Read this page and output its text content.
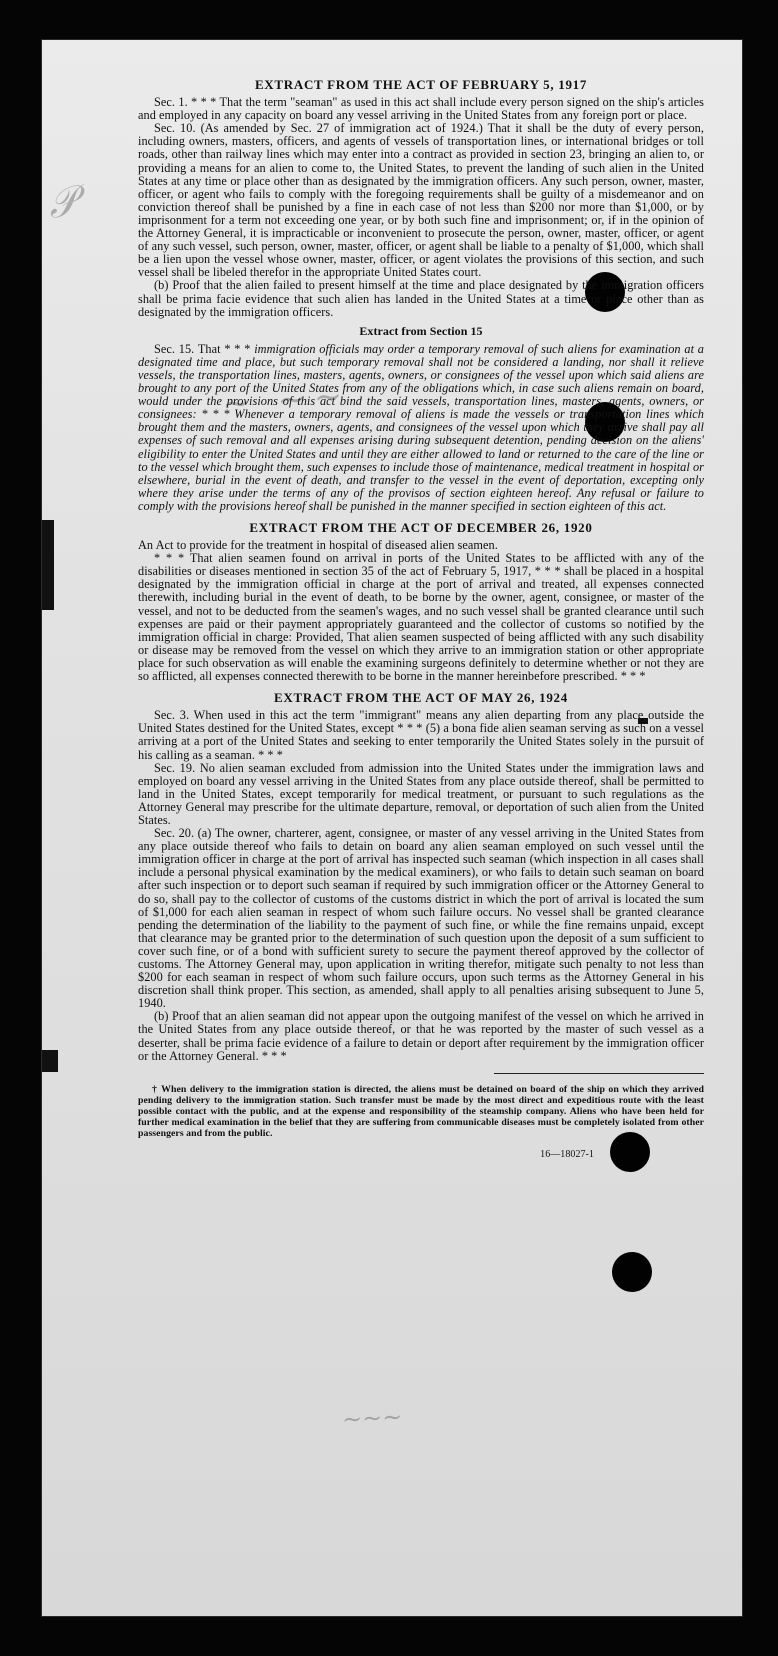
𝒫
~ ~~
~~~
EXTRACT FROM THE ACT OF FEBRUARY 5, 1917

Sec. 1. * * * That the term "seaman" as used in this act shall include every person signed on the ship's articles and employed in any capacity on board any vessel arriving in the United States from any foreign port or place.

Sec. 10. (As amended by Sec. 27 of immigration act of 1924.) That it shall be the duty of every person, including owners, masters, officers, and agents of vessels of transportation lines, or international bridges or toll roads, other than railway lines which may enter into a contract as provided in section 23, bringing an alien to, or providing a means for an alien to come to, the United States, to prevent the landing of such alien in the United States at any time or place other than as designated by the immigration officers. Any such person, owner, master, officer, or agent who fails to comply with the foregoing requirements shall be guilty of a misdemeanor and on conviction thereof shall be punished by a fine in each case of not less than $200 nor more than $1,000, or by imprisonment for a term not exceeding one year, or by both such fine and imprisonment; or, if in the opinion of the Attorney General, it is impracticable or inconvenient to prosecute the person, owner, master, officer, or agent of any such vessel, such person, owner, master, officer, or agent shall be liable to a penalty of $1,000, which shall be a lien upon the vessel whose owner, master, officer, or agent violates the provisions of this section, and such vessel shall be libeled therefor in the appropriate United States court.

(b) Proof that the alien failed to present himself at the time and place designated by the immigration officers shall be prima facie evidence that such alien has landed in the United States at a time or place other than as designated by the immigration officers.

Extract from Section 15

Sec. 15. That * * * immigration officials may order a temporary removal of such aliens for examination at a designated time and place, but such temporary removal shall not be considered a landing, nor shall it relieve vessels, the transportation lines, masters, agents, owners, or consignees of the vessel upon which said aliens are brought to any port of the United States from any of the obligations which, in case such aliens remain on board, would under the provisions of this act bind the said vessels, transportation lines, masters, agents, owners, or consignees: * * * Whenever a temporary removal of aliens is made the vessels or transportation lines which brought them and the masters, owners, agents, and consignees of the vessel upon which they arrive shall pay all expenses of such removal and all expenses arising during subsequent detention, pending decision on the aliens' eligibility to enter the United States and until they are either allowed to land or returned to the care of the line or to the vessel which brought them, such expenses to include those of maintenance, medical treatment in hospital or elsewhere, burial in the event of death, and transfer to the vessel in the event of deportation, excepting only where they arise under the terms of any of the provisos of section eighteen hereof. Any refusal or failure to comply with the provisions hereof shall be punished in the manner specified in section eighteen of this act.

EXTRACT FROM THE ACT OF DECEMBER 26, 1920

An Act to provide for the treatment in hospital of diseased alien seamen.

* * * That alien seamen found on arrival in ports of the United States to be afflicted with any of the disabilities or diseases mentioned in section 35 of the act of February 5, 1917, * * * shall be placed in a hospital designated by the immigration official in charge at the port of arrival and treated, all expenses connected therewith, including burial in the event of death, to be borne by the owner, agent, consignee, or master of the vessel, and not to be deducted from the seamen's wages, and no such vessel shall be granted clearance until such expenses are paid or their payment appropriately guaranteed and the collector of customs so notified by the immigration official in charge: Provided, That alien seamen suspected of being afflicted with any such disability or disease may be removed from the vessel on which they arrive to an immigration station or other appropriate place for such observation as will enable the examining surgeons definitely to determine whether or not they are so afflicted, all expenses connected therewith to be borne in the manner hereinbefore prescribed. * * *

EXTRACT FROM THE ACT OF MAY 26, 1924

Sec. 3. When used in this act the term "immigrant" means any alien departing from any place outside the United States destined for the United States, except * * * (5) a bona fide alien seaman serving as such on a vessel arriving at a port of the United States and seeking to enter temporarily the United States solely in the pursuit of his calling as a seaman. * * *

Sec. 19. No alien seaman excluded from admission into the United States under the immigration laws and employed on board any vessel arriving in the United States from any place outside thereof, shall be permitted to land in the United States, except temporarily for medical treatment, or pursuant to such regulations as the Attorney General may prescribe for the ultimate departure, removal, or deportation of such alien from the United States.

Sec. 20. (a) The owner, charterer, agent, consignee, or master of any vessel arriving in the United States from any place outside thereof who fails to detain on board any alien seaman employed on such vessel until the immigration officer in charge at the port of arrival has inspected such seaman (which inspection in all cases shall include a personal physical examination by the medical examiners), or who fails to detain such seaman on board after such inspection or to deport such seaman if required by such immigration officer or the Attorney General to do so, shall pay to the collector of customs of the customs district in which the port of arrival is located the sum of $1,000 for each alien seaman in respect of whom such failure occurs. No vessel shall be granted clearance pending the determination of the liability to the payment of such fine, or while the fine remains unpaid, except that clearance may be granted prior to the determination of such question upon the deposit of a sum sufficient to cover such fine, or of a bond with sufficient surety to secure the payment thereof approved by the collector of customs. The Attorney General may, upon application in writing therefor, mitigate such penalty to not less than $200 for each seaman in respect of whom such failure occurs, upon such terms as the Attorney General in his discretion shall think proper. This section, as amended, shall apply to all penalties arising subsequent to June 5, 1940.

(b) Proof that an alien seaman did not appear upon the outgoing manifest of the vessel on which he arrived in the United States from any place outside thereof, or that he was reported by the master of such vessel as a deserter, shall be prima facie evidence of a failure to detain or deport after requirement by the immigration officer or the Attorney General. * * *

† When delivery to the immigration station is directed, the aliens must be detained on board of the ship on which they arrived pending delivery to the immigration station. Such transfer must be made by the most direct and expeditious route with the least possible contact with the public, and at the expense and responsibility of the steamship company. Aliens who have been held for further medical examination in the belief that they are suffering from communicable diseases must be completely isolated from other passengers and from the public.

16—18027-1
